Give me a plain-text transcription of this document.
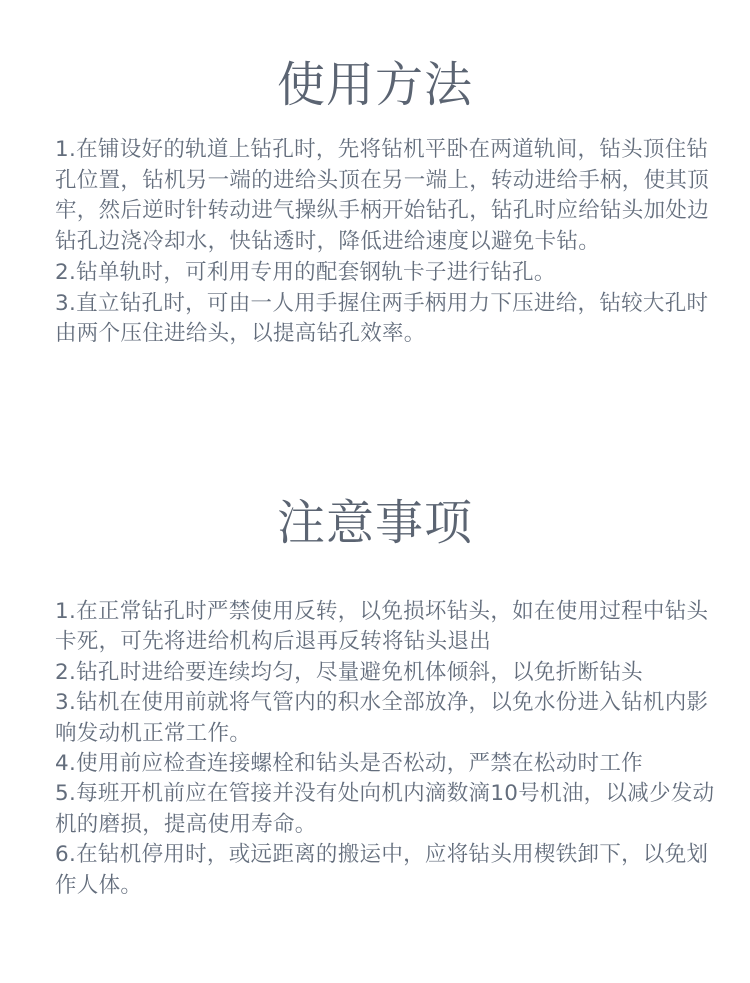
使用方法

1.在铺设好的轨道上钻孔时，先将钻机平卧在两道轨间，钻头顶住钻孔位置，钻机另一端的进给头顶在另一端上，转动进给手柄，使其顶牢，然后逆时针转动进气操纵手柄开始钻孔，钻孔时应给钻头加处边钻孔边浇冷却水，快钻透时，降低进给速度以避免卡钻。

2.钻单轨时，可利用专用的配套钢轨卡子进行钻孔。

3.直立钻孔时，可由一人用手握住两手柄用力下压进给，钻较大孔时由两个压住进给头，以提高钻孔效率。

注意事项

1.在正常钻孔时严禁使用反转，以免损坏钻头，如在使用过程中钻头卡死，可先将进给机构后退再反转将钻头退出

2.钻孔时进给要连续均匀，尽量避免机体倾斜，以免折断钻头

3.钻机在使用前就将气管内的积水全部放净，以免水份进入钻机内影响发动机正常工作。

4.使用前应检查连接螺栓和钻头是否松动，严禁在松动时工作

5.每班开机前应在管接并没有处向机内滴数滴10号机油，以减少发动机的磨损，提高使用寿命。

6.在钻机停用时，或远距离的搬运中，应将钻头用楔铁卸下，以免划作人体。
